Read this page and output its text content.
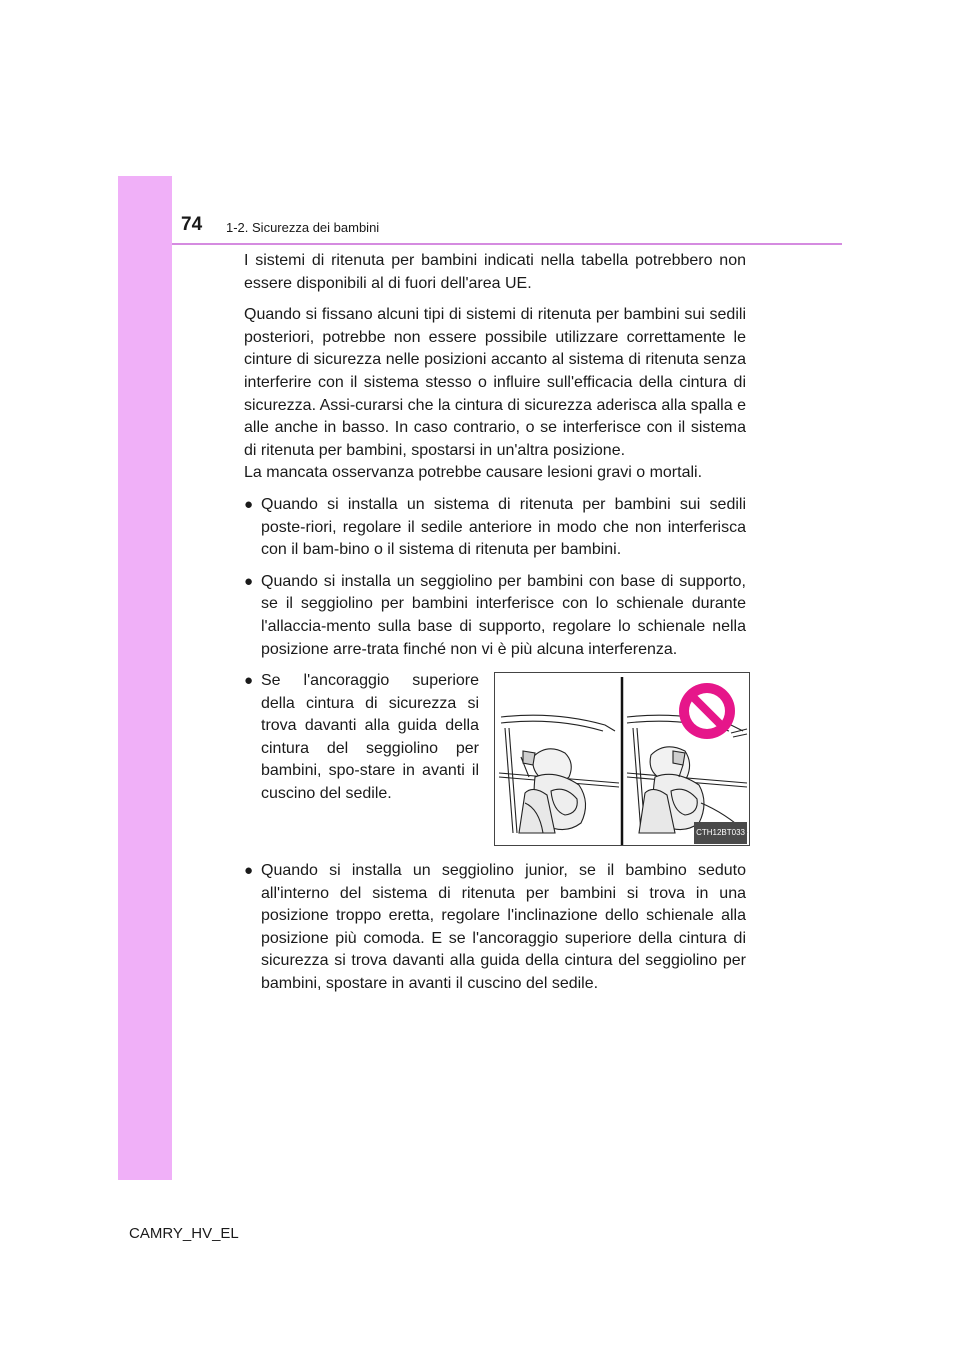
74 1-2. Sicurezza dei bambini

I sistemi di ritenuta per bambini indicati nella tabella potrebbero non essere disponibili al di fuori dell'area UE.

Quando si fissano alcuni tipi di sistemi di ritenuta per bambini sui sedili posteriori, potrebbe non essere possibile utilizzare correttamente le cinture di sicurezza nelle posizioni accanto al sistema di ritenuta senza interferire con il sistema stesso o influire sull'efficacia della cintura di sicurezza. Assi-curarsi che la cintura di sicurezza aderisca alla spalla e alle anche in basso. In caso contrario, o se interferisce con il sistema di ritenuta per bambini, spostarsi in un'altra posizione.

La mancata osservanza potrebbe causare lesioni gravi o mortali.

● Quando si installa un sistema di ritenuta per bambini sui sedili poste-riori, regolare il sedile anteriore in modo che non interferisca con il bam-bino o il sistema di ritenuta per bambini.
● Quando si installa un seggiolino per bambini con base di supporto, se il seggiolino per bambini interferisce con lo schienale durante l'allaccia-mento sulla base di supporto, regolare lo schienale nella posizione arre-trata finché non vi è più alcuna interferenza.
● Se l'ancoraggio superiore della cintura di sicurezza si trova davanti alla guida della cintura del seggiolino per bambini, spo-stare in avanti il cuscino del sedile.
CTH12BT033
● Quando si installa un seggiolino junior, se il bambino seduto all'interno del sistema di ritenuta per bambini si trova in una posizione troppo eretta, regolare l'inclinazione dello schienale alla posizione più comoda. E se l'ancoraggio superiore della cintura di sicurezza si trova davanti alla guida della cintura del seggiolino per bambini, spostare in avanti il cuscino del sedile.
CAMRY_HV_EL
